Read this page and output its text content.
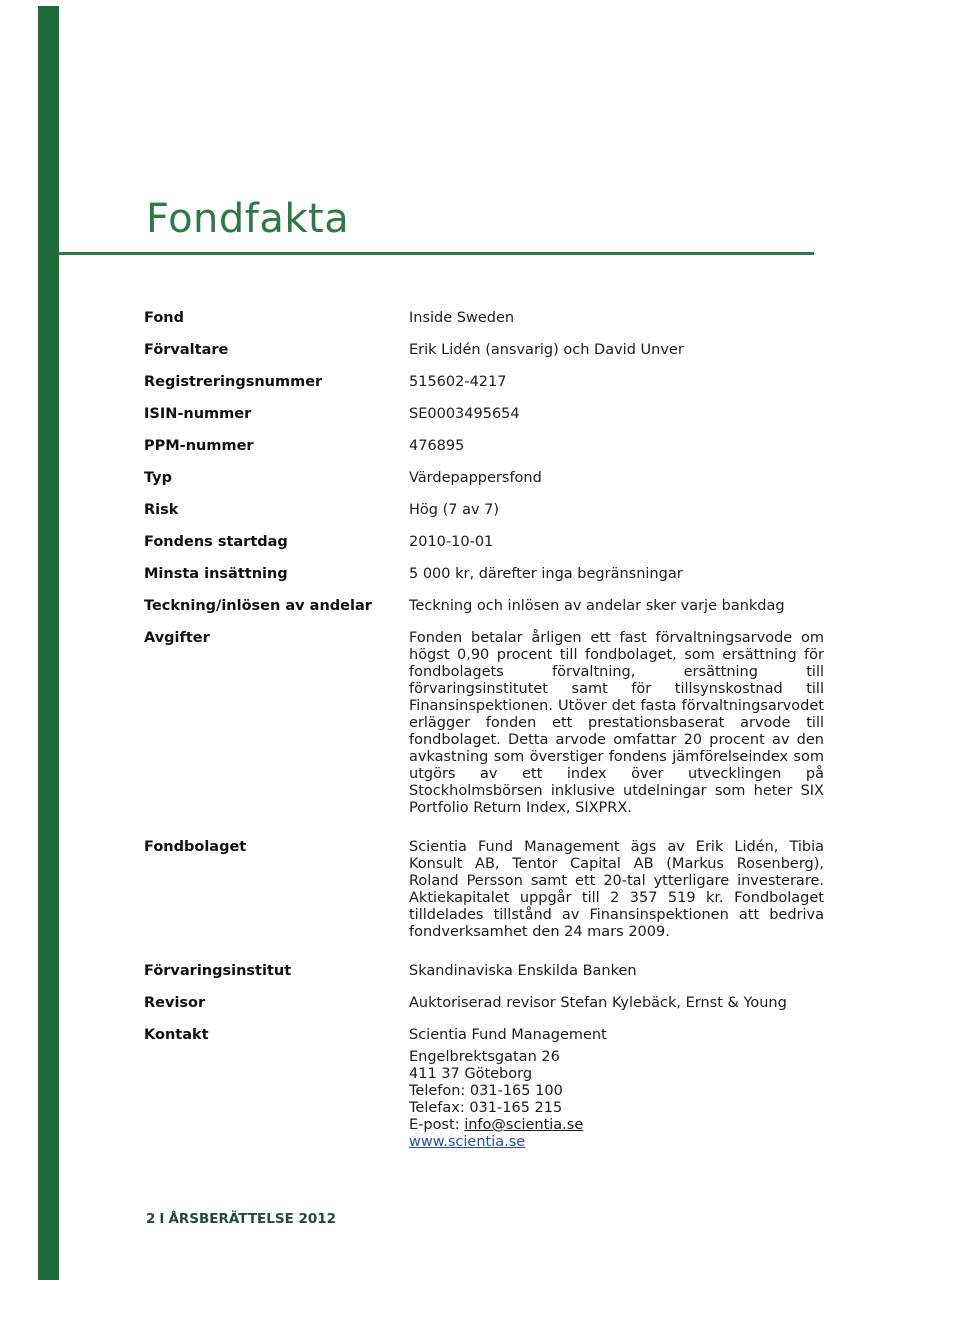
Fondfakta
Fond	Inside Sweden
Förvaltare	Erik Lidén (ansvarig) och David Unver
Registreringsnummer	515602-4217
ISIN-nummer	SE0003495654
PPM-nummer	476895
Typ	Värdepappersfond
Risk	Hög (7 av 7)
Fondens startdag	2010-10-01
Minsta insättning	5 000 kr, därefter inga begränsningar
Teckning/inlösen av andelar	Teckning och inlösen av andelar sker varje bankdag
Avgifter	Fonden betalar årligen ett fast förvaltningsarvode om högst 0,90 procent till fondbolaget, som ersättning för fondbolagets förvaltning, ersättning till förvaringsinstitutet samt för tillsynskostnad till Finansinspektionen. Utöver det fasta förvaltningsarvodet erlägger fonden ett prestationsbaserat arvode till fondbolaget. Detta arvode omfattar 20 procent av den avkastning som överstiger fondens jämförelseindex som utgörs av ett index över utvecklingen på Stockholmsbörsen inklusive utdelningar som heter SIX Portfolio Return Index, SIXPRX.
Fondbolaget	Scientia Fund Management ägs av Erik Lidén, Tibia Konsult AB, Tentor Capital AB (Markus Rosenberg), Roland Persson samt ett 20-tal ytterligare investerare. Aktiekapitalet uppgår till 2 357 519 kr. Fondbolaget tilldelades tillstånd av Finansinspektionen att bedriva fondverksamhet den 24 mars 2009.
Förvaringsinstitut	Skandinaviska Enskilda Banken
Revisor	Auktoriserad revisor Stefan Kylebäck, Ernst & Young
Kontakt	Scientia Fund Management
Engelbrektsgatan 26
411 37 Göteborg
Telefon: 031-165 100
Telefax: 031-165 215
E-post: info@scientia.se
www.scientia.se
2 I ÅRSBERÄTTELSE 2012
